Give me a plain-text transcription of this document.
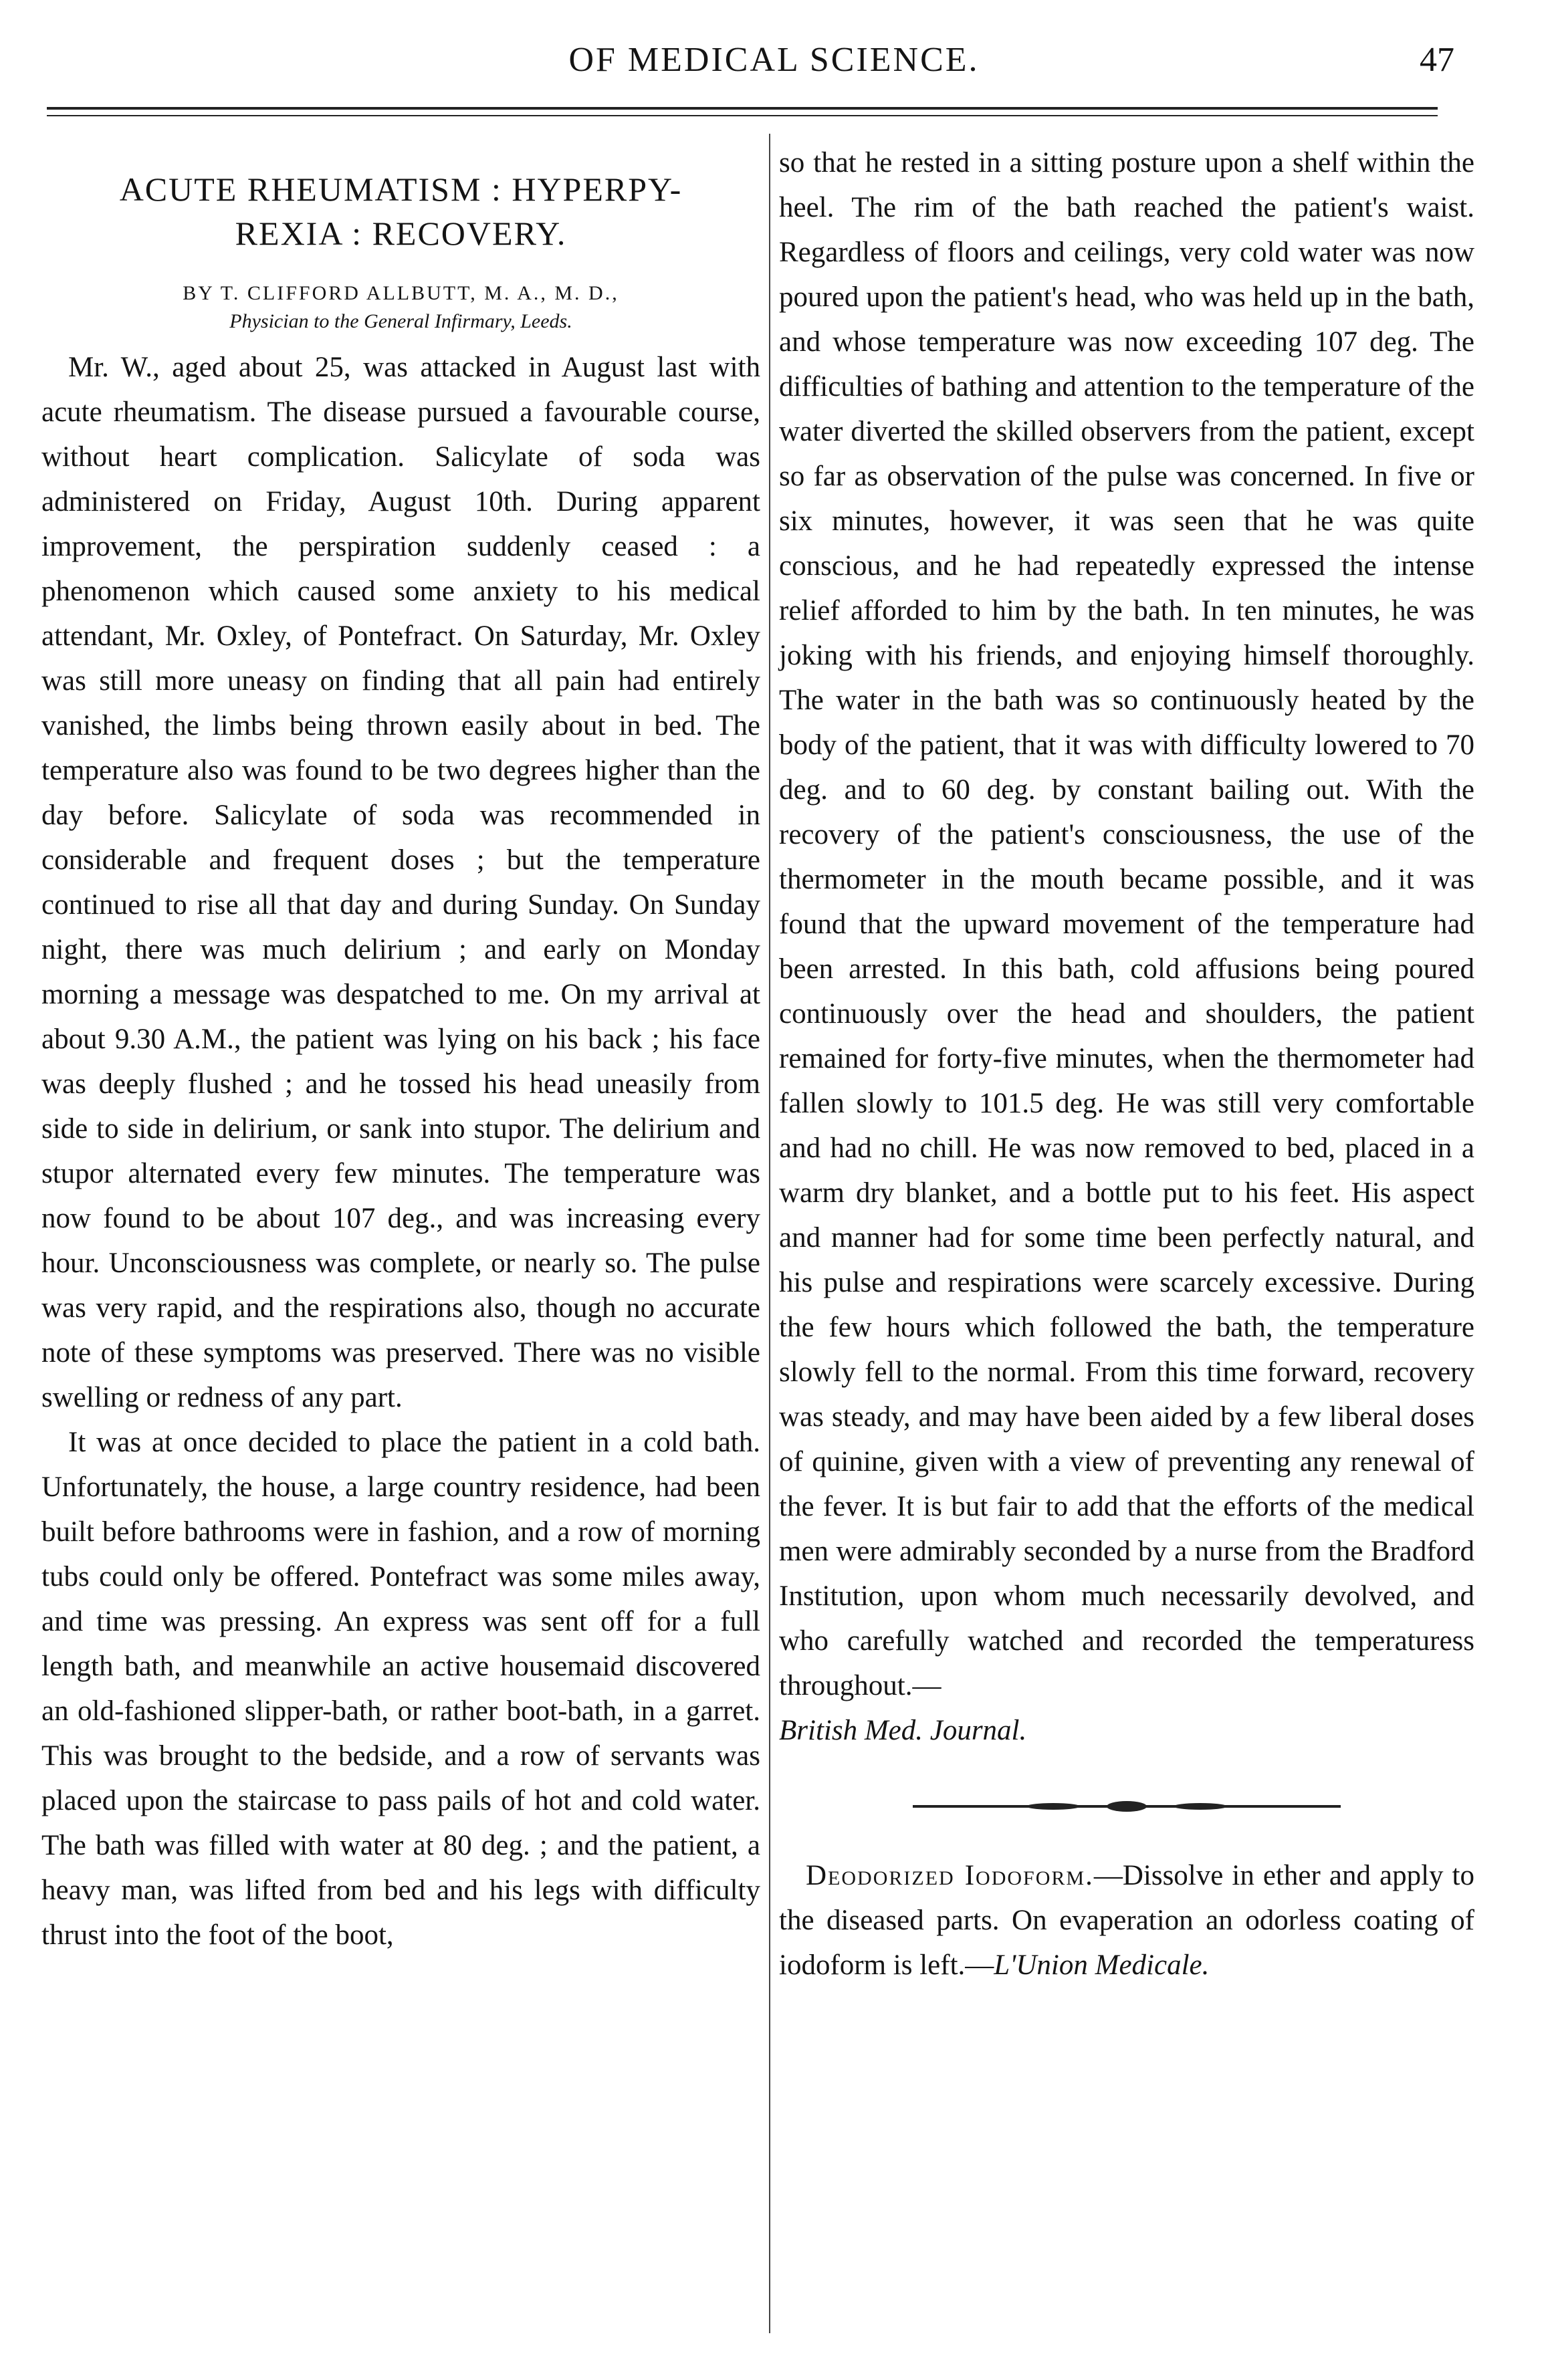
OF MEDICAL SCIENCE.	47
ACUTE RHEUMATISM : HYPERPY-
REXIA : RECOVERY.
BY T. CLIFFORD ALLBUTT, M. A., M. D.,
Physician to the General Infirmary, Leeds.

Mr. W., aged about 25, was attacked in August last with acute rheumatism. The disease pursued a favourable course, without heart complication. Salicylate of soda was administered on Friday, August 10th. During apparent improvement, the perspiration suddenly ceased : a phenomenon which caused some anxiety to his medical attendant, Mr. Oxley, of Pontefract. On Saturday, Mr. Oxley was still more uneasy on finding that all pain had entirely vanished, the limbs being thrown easily about in bed. The temperature also was found to be two degrees higher than the day before. Salicylate of soda was recommended in considerable and frequent doses ; but the temperature continued to rise all that day and during Sunday. On Sunday night, there was much delirium ; and early on Monday morning a message was despatched to me. On my arrival at about 9.30 A.M., the patient was lying on his back ; his face was deeply flushed ; and he tossed his head uneasily from side to side in delirium, or sank into stupor. The delirium and stupor alternated every few minutes. The temperature was now found to be about 107 deg., and was increasing every hour. Unconsciousness was complete, or nearly so. The pulse was very rapid, and the respirations also, though no accurate note of these symptoms was preserved. There was no visible swelling or redness of any part.

It was at once decided to place the patient in a cold bath. Unfortunately, the house, a large country residence, had been built before bathrooms were in fashion, and a row of morning tubs could only be offered. Pontefract was some miles away, and time was pressing. An express was sent off for a full length bath, and meanwhile an active housemaid discovered an old-fashioned slipper-bath, or rather boot-bath, in a garret. This was brought to the bedside, and a row of servants was placed upon the staircase to pass pails of hot and cold water. The bath was filled with water at 80 deg. ; and the patient, a heavy man, was lifted from bed and his legs with difficulty thrust into the foot of the boot,

so that he rested in a sitting posture upon a shelf within the heel. The rim of the bath reached the patient's waist. Regardless of floors and ceilings, very cold water was now poured upon the patient's head, who was held up in the bath, and whose temperature was now exceeding 107 deg. The difficulties of bathing and attention to the temperature of the water diverted the skilled observers from the patient, except so far as observation of the pulse was concerned. In five or six minutes, however, it was seen that he was quite conscious, and he had repeatedly expressed the intense relief afforded to him by the bath. In ten minutes, he was joking with his friends, and enjoying himself thoroughly. The water in the bath was so continuously heated by the body of the patient, that it was with difficulty lowered to 70 deg. and to 60 deg. by constant bailing out. With the recovery of the patient's consciousness, the use of the thermometer in the mouth became possible, and it was found that the upward movement of the temperature had been arrested. In this bath, cold affusions being poured continuously over the head and shoulders, the patient remained for forty-five minutes, when the thermometer had fallen slowly to 101.5 deg. He was still very comfortable and had no chill. He was now removed to bed, placed in a warm dry blanket, and a bottle put to his feet. His aspect and manner had for some time been perfectly natural, and his pulse and respirations were scarcely excessive. During the few hours which followed the bath, the temperature slowly fell to the normal. From this time forward, recovery was steady, and may have been aided by a few liberal doses of quinine, given with a view of preventing any renewal of the fever. It is but fair to add that the efforts of the medical men were admirably seconded by a nurse from the Bradford Institution, upon whom much necessarily devolved, and who carefully watched and recorded the temperaturess throughout.—
British Med. Journal.

Deodorized Iodoform.—Dissolve in ether and apply to the diseased parts. On evaperation an odorless coating of iodoform is left.—L'Union Medicale.
